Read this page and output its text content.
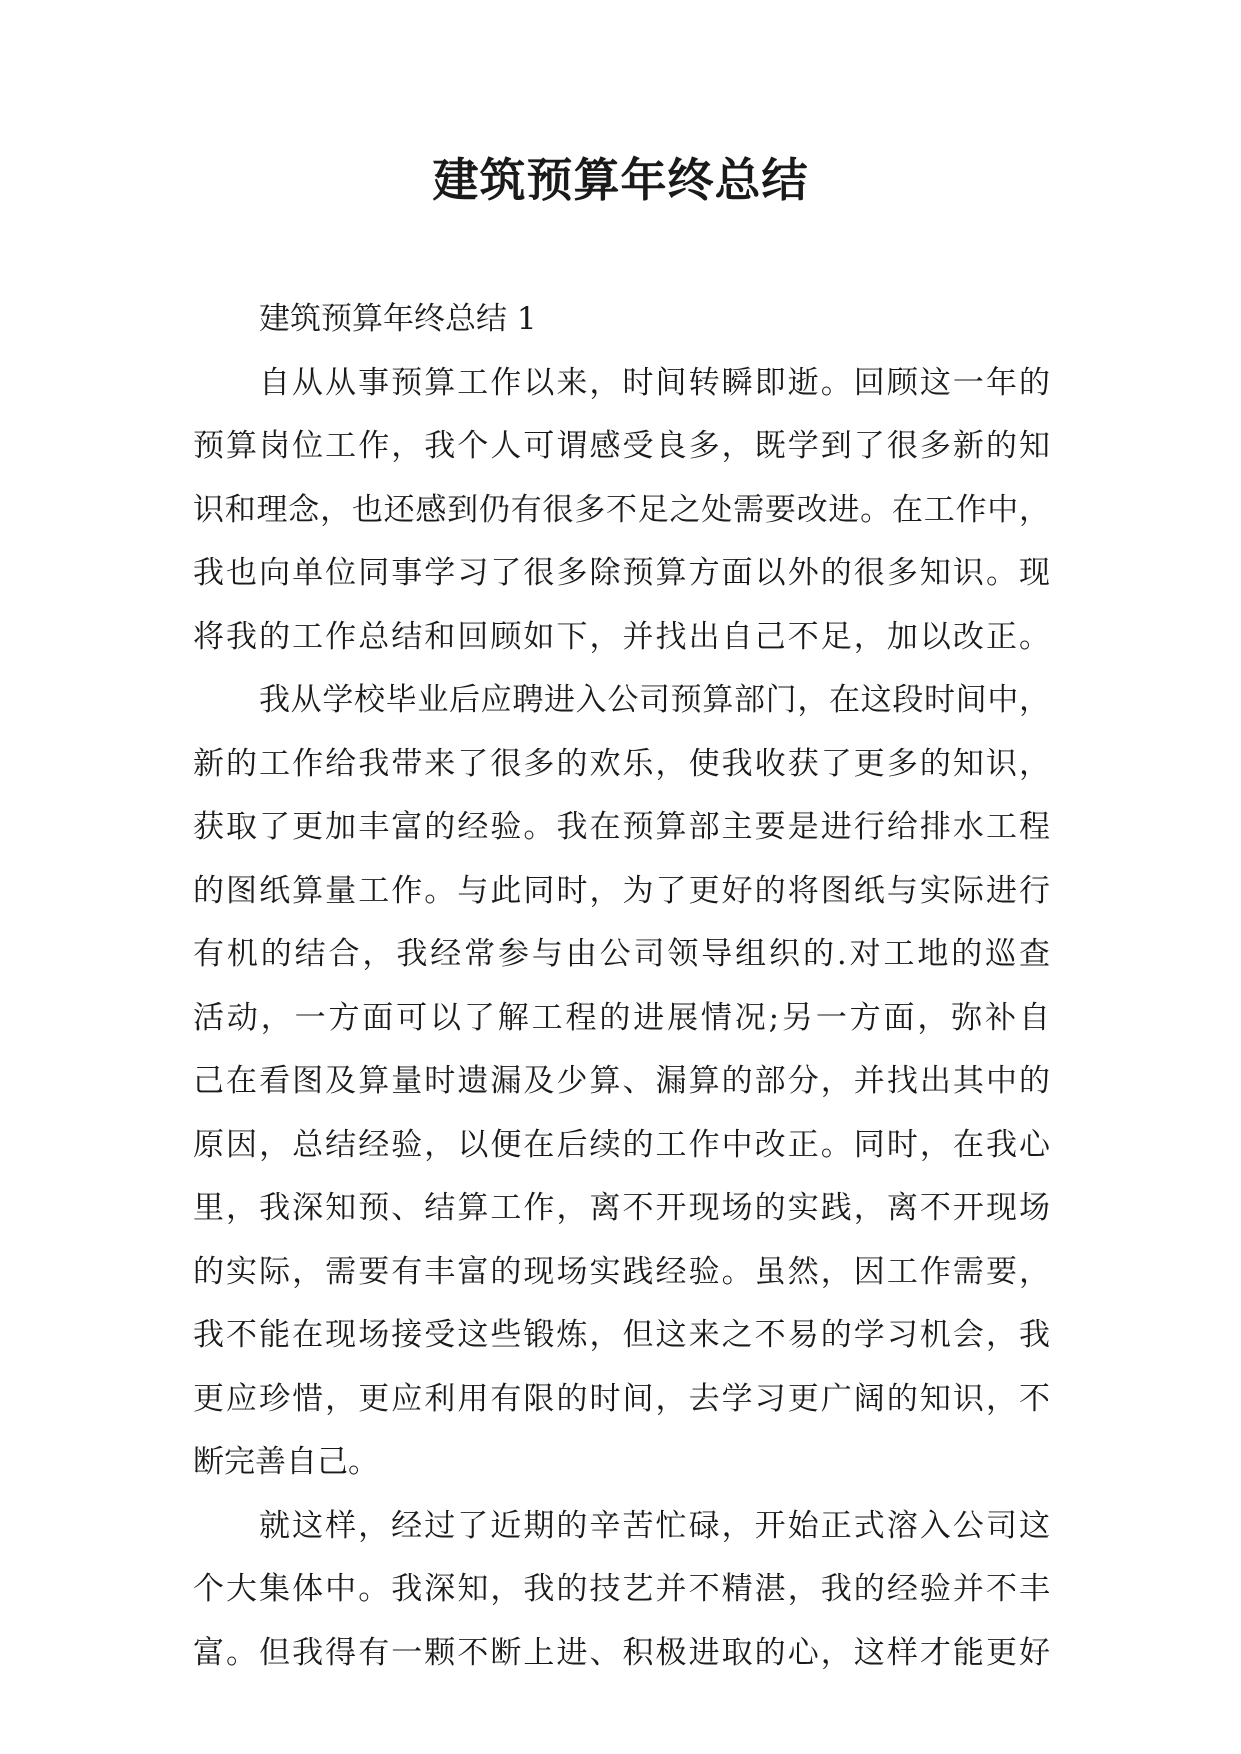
建筑预算年终总结
建筑预算年终总结 1
自从从事预算工作以来，时间转瞬即逝。回顾这一年的
预算岗位工作，我个人可谓感受良多，既学到了很多新的知
识和理念，也还感到仍有很多不足之处需要改进。在工作中，
我也向单位同事学习了很多除预算方面以外的很多知识。现
将我的工作总结和回顾如下，并找出自己不足，加以改正。
我从学校毕业后应聘进入公司预算部门，在这段时间中，
新的工作给我带来了很多的欢乐，使我收获了更多的知识，
获取了更加丰富的经验。我在预算部主要是进行给排水工程
的图纸算量工作。与此同时，为了更好的将图纸与实际进行
有机的结合，我经常参与由公司领导组织的.对工地的巡查
活动，一方面可以了解工程的进展情况;另一方面，弥补自
己在看图及算量时遗漏及少算、漏算的部分，并找出其中的
原因，总结经验，以便在后续的工作中改正。同时，在我心
里，我深知预、结算工作，离不开现场的实践，离不开现场
的实际，需要有丰富的现场实践经验。虽然，因工作需要，
我不能在现场接受这些锻炼，但这来之不易的学习机会，我
更应珍惜，更应利用有限的时间，去学习更广阔的知识，不
断完善自己。
就这样，经过了近期的辛苦忙碌，开始正式溶入公司这
个大集体中。我深知，我的技艺并不精湛，我的经验并不丰
富。但我得有一颗不断上进、积极进取的心，这样才能更好
